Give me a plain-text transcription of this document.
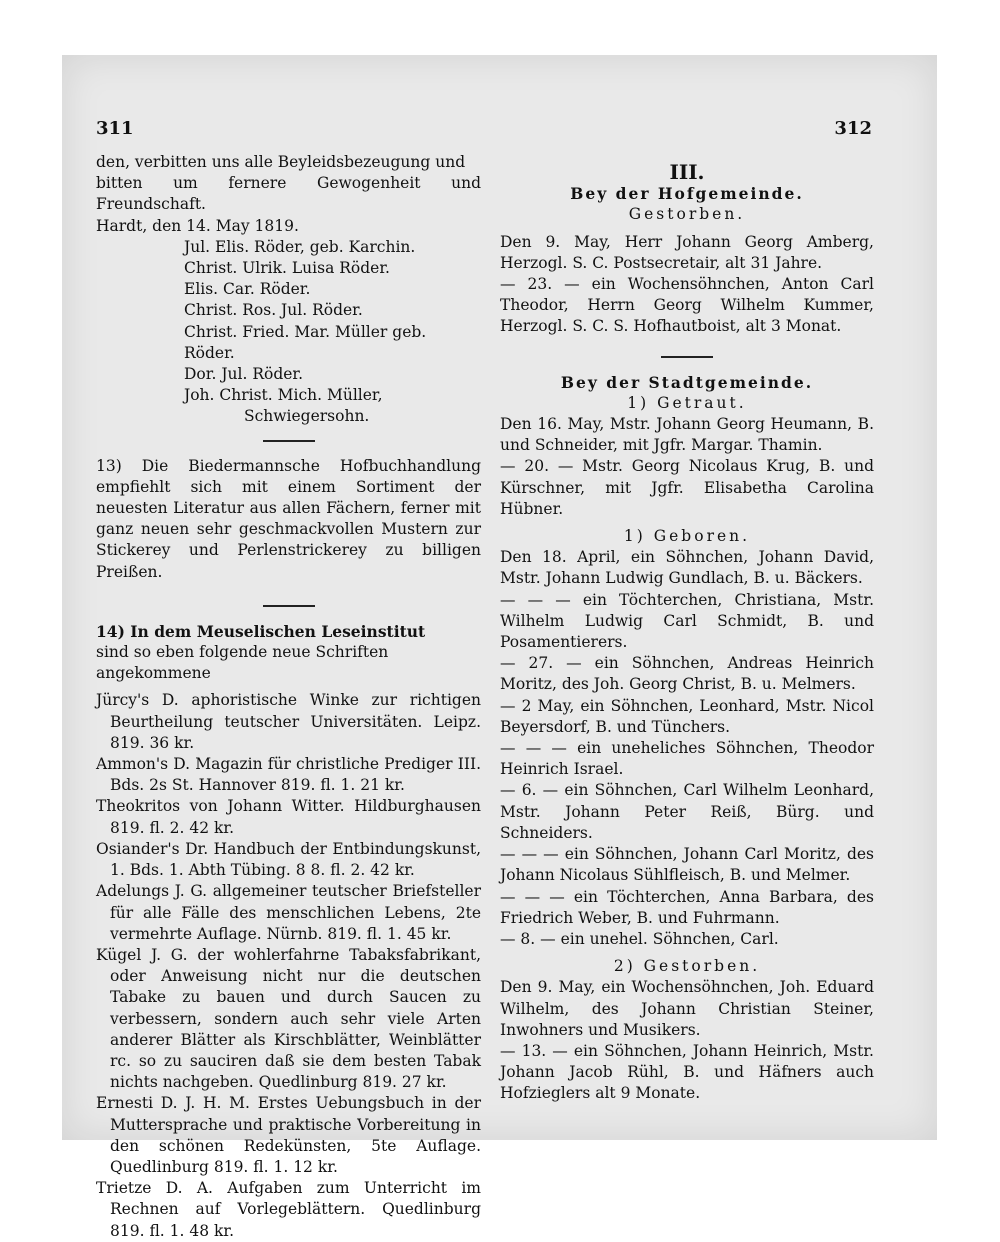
311

den, verbitten uns alle Beyleidsbezeugung und

bitten um fernere Gewogenheit und Freundschaft.

Hardt, den 14. May 1819.

Jul. Elis. Röder, geb. Karchin.

Christ. Ulrik. Luisa Röder.

Elis. Car. Röder.

Christ. Ros. Jul. Röder.

Christ. Fried. Mar. Müller geb. Röder.

Dor. Jul. Röder.

Joh. Christ. Mich. Müller,

Schwiegersohn.

13) Die Biedermannsche Hofbuchhandlung empfiehlt sich mit einem Sortiment der neuesten Literatur aus allen Fächern, ferner mit ganz neuen sehr geschmackvollen Mustern zur Stickerey und Perlenstrickerey zu billigen Preißen.

14) In dem Meuselischen Leseinstitut

sind so eben folgende neue Schriften angekommene

Jürcy's D. aphoristische Winke zur richtigen Beurtheilung teutscher Universitäten. Leipz. 819. 36 kr.

Ammon's D. Magazin für christliche Prediger III. Bds. 2s St. Hannover 819. fl. 1. 21 kr.

Theokritos von Johann Witter. Hildburghausen 819. fl. 2. 42 kr.

Osiander's Dr. Handbuch der Entbindungskunst, 1. Bds. 1. Abth Tübing. 8 8. fl. 2. 42 kr.

Adelungs J. G. allgemeiner teutscher Briefsteller für alle Fälle des menschlichen Lebens, 2te vermehrte Auflage. Nürnb. 819. fl. 1. 45 kr.

Kügel J. G. der wohlerfahrne Tabaksfabrikant, oder Anweisung nicht nur die deutschen Tabake zu bauen und durch Saucen zu verbessern, sondern auch sehr viele Arten anderer Blätter als Kirschblätter, Weinblätter rc. so zu sauciren daß sie dem besten Tabak nichts nachgeben. Quedlinburg 819. 27 kr.

Ernesti D. J. H. M. Erstes Uebungsbuch in der Muttersprache und praktische Vorbereitung in den schönen Redekünsten, 5te Auflage. Quedlinburg 819. fl. 1. 12 kr.

Trietze D. A. Aufgaben zum Unterricht im Rechnen auf Vorlegeblättern. Quedlinburg 819. fl. 1. 48 kr.

312

III.

Bey der Hofgemeinde.

Gestorben.

Den 9. May, Herr Johann Georg Amberg, Herzogl. S. C. Postsecretair, alt 31 Jahre.

— 23. — ein Wochensöhnchen, Anton Carl Theodor, Herrn Georg Wilhelm Kummer, Herzogl. S. C. S. Hofhautboist, alt 3 Monat.

Bey der Stadtgemeinde.

1) Getraut.

Den 16. May, Mstr. Johann Georg Heumann, B. und Schneider, mit Jgfr. Margar. Thamin.

— 20. — Mstr. Georg Nicolaus Krug, B. und Kürschner, mit Jgfr. Elisabetha Carolina Hübner.

1) Geboren.

Den 18. April, ein Söhnchen, Johann David, Mstr. Johann Ludwig Gundlach, B. u. Bäckers.

— — — ein Töchterchen, Christiana, Mstr. Wilhelm Ludwig Carl Schmidt, B. und Posamentierers.

— 27. — ein Söhnchen, Andreas Heinrich Moritz, des Joh. Georg Christ, B. u. Melmers.

— 2 May, ein Söhnchen, Leonhard, Mstr. Nicol Beyersdorf, B. und Tünchers.

— — — ein uneheliches Söhnchen, Theodor Heinrich Israel.

— 6. — ein Söhnchen, Carl Wilhelm Leonhard, Mstr. Johann Peter Reiß, Bürg. und Schneiders.

— — — ein Söhnchen, Johann Carl Moritz, des Johann Nicolaus Sühlfleisch, B. und Melmer.

— — — ein Töchterchen, Anna Barbara, des Friedrich Weber, B. und Fuhrmann.

— 8. — ein unehel. Söhnchen, Carl.

2) Gestorben.

Den 9. May, ein Wochensöhnchen, Joh. Eduard Wilhelm, des Johann Christian Steiner, Inwohners und Musikers.

— 13. — ein Söhnchen, Johann Heinrich, Mstr. Johann Jacob Rühl, B. und Häfners auch Hofzieglers alt 9 Monate.
